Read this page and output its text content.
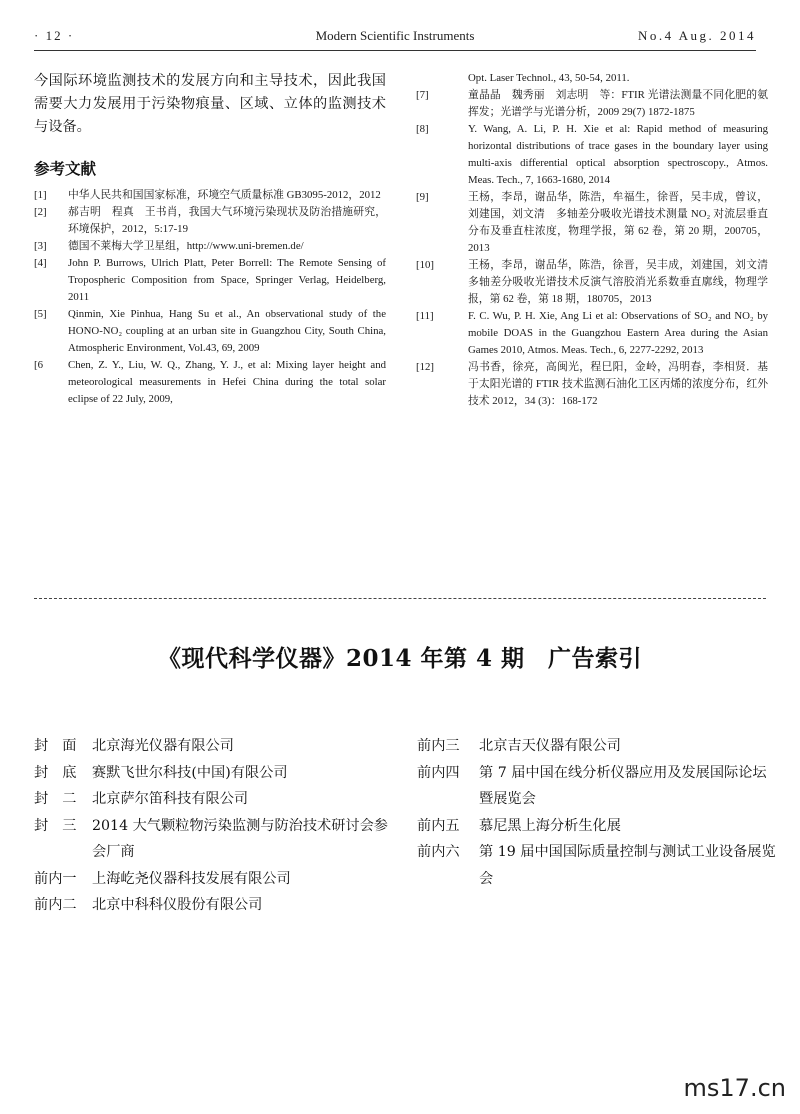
· 12 ·	Modern Scientific Instruments	No.4 Aug. 2014

今国际环境监测技术的发展方向和主导技术，因此我国需要大力发展用于污染物痕量、区域、立体的监测技术与设备。

参考文献

[1] 中华人民共和国国家标准，环境空气质量标准 GB3095-2012，2012

[2] 郝吉明　程真　王书肖，我国大气环境污染现状及防治措施研究，环境保护，2012，5:17-19

[3] 德国不莱梅大学卫星组，http://www.uni-bremen.de/

[4] John P. Burrows, Ulrich Platt, Peter Borrell: The Remote Sensing of Tropospheric Composition from Space, Springer Verlag, Heidelberg, 2011

[5] Qinmin, Xie Pinhua, Hang Su et al., An observational study of the HONO-NO₂ coupling at an urban site in Guangzhou City, South China, Atmospheric Environment, Vol.43, 69, 2009

[6 Chen, Z. Y., Liu, W. Q., Zhang, Y. J., et al: Mixing layer height and meteorological measurements in Hefei China during the total solar eclipse of 22 July, 2009,

Opt. Laser Technol., 43, 50-54, 2011.

[7]	童晶晶　魏秀丽　刘志明　等：FTIR 光谱法测量不同化肥的氨挥发；光谱学与光谱分析，2009 29(7) 1872-1875

[8]	Y. Wang, A. Li, P. H. Xie et al: Rapid method of measuring horizontal distributions of trace gases in the boundary layer using multi-axis differential optical absorption spectroscopy., Atmos. Meas. Tech., 7, 1663-1680, 2014

[9]	王杨，李昂，谢品华，陈浩，牟福生，徐晋，吴丰成，曾议，刘建国，刘文清　多轴差分吸收光谱技术测量 NO₂ 对流层垂直分布及垂直柱浓度，物理学报，第 62 卷，第 20 期，200705，2013

[10]	王杨，李昂，谢品华，陈浩，徐晋，吴丰成，刘建国，刘文清　多轴差分吸收光谱技术反演气溶胶消光系数垂直廓线，物理学报，第 62 卷，第 18 期，180705，2013

[11]	F. C. Wu, P. H. Xie, Ang Li et al: Observations of SO₂ and NO₂ by mobile DOAS in the Guangzhou Eastern Area during the Asian Games 2010, Atmos. Meas. Tech., 6, 2277-2292, 2013

[12]	冯书香，徐亮，高闽光，程巳阳，金岭，冯明春，李相贤．基于太阳光谱的 FTIR 技术监测石油化工区丙烯的浓度分布，红外技术 2012，34 (3)：168-172

《现代科学仪器》2014 年第 4 期　广告索引
封面 北京海光仪器有限公司
封底 赛默飞世尔科技(中国)有限公司
封二 北京萨尔笛科技有限公司
封三 2014 大气颗粒物污染监测与防治技术研讨会参会厂商
前内一	上海屹尧仪器科技发展有限公司
前内二	北京中科科仪股份有限公司
前内三	北京吉天仪器有限公司
前内四	第 7 届中国在线分析仪器应用及发展国际论坛暨展览会
前内五	慕尼黑上海分析生化展
前内六	第 19 届中国国际质量控制与测试工业设备展览会
ms17.cn
